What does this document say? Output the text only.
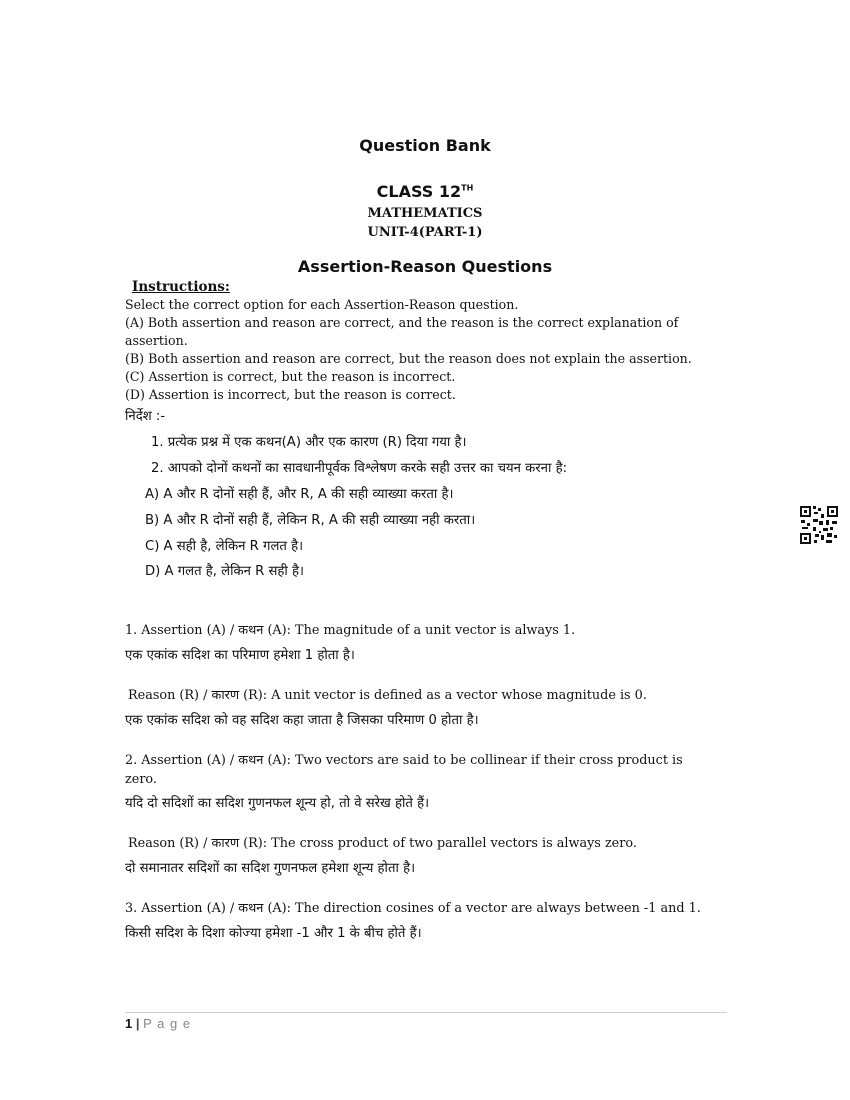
Question Bank
CLASS 12TH
MATHEMATICS
UNIT-4(PART-1)
Assertion-Reason Questions
Instructions:
Select the correct option for each Assertion-Reason question.
(A) Both assertion and reason are correct, and the reason is the correct explanation of
assertion.
(B) Both assertion and reason are correct, but the reason does not explain the assertion.
(C) Assertion is correct, but the reason is incorrect.
(D) Assertion is incorrect, but the reason is correct.
निर्देश :-
1. प्रत्येक प्रश्न में एक कथन(A) और एक कारण (R) दिया गया है।
2. आपको दोनों कथनों का सावधानीपूर्वक विश्लेषण करके सही उत्तर का चयन करना है:
A) A और R दोनों सही हैं, और R, A की सही व्याख्या करता है।
B) A और R दोनों सही हैं, लेकिन R, A की सही व्याख्या नही करता।
C) A सही है, लेकिन R गलत है।
D) A गलत है, लेकिन R सही है।
1. Assertion (A) / कथन (A): The magnitude of a unit vector is always 1.
एक एकांक सदिश का परिमाण हमेशा 1 होता है।
Reason (R) / कारण (R): A unit vector is defined as a vector whose magnitude is 0.
एक एकांक सदिश को वह सदिश कहा जाता है जिसका परिमाण 0 होता है।
2. Assertion (A) / कथन (A): Two vectors are said to be collinear if their cross product is
zero.
यदि दो सदिशों का सदिश गुणनफल शून्य हो, तो वे सरेख होते हैं।
Reason (R) / कारण (R): The cross product of two parallel vectors is always zero.
दो समानातर सदिशों का सदिश गुणनफल हमेशा शून्य होता है।
3. Assertion (A) / कथन (A): The direction cosines of a vector are always between -1 and 1.
किसी सदिश के दिशा कोज्या हमेशा -1 और 1 के बीच होते हैं।
1 | P a g e
